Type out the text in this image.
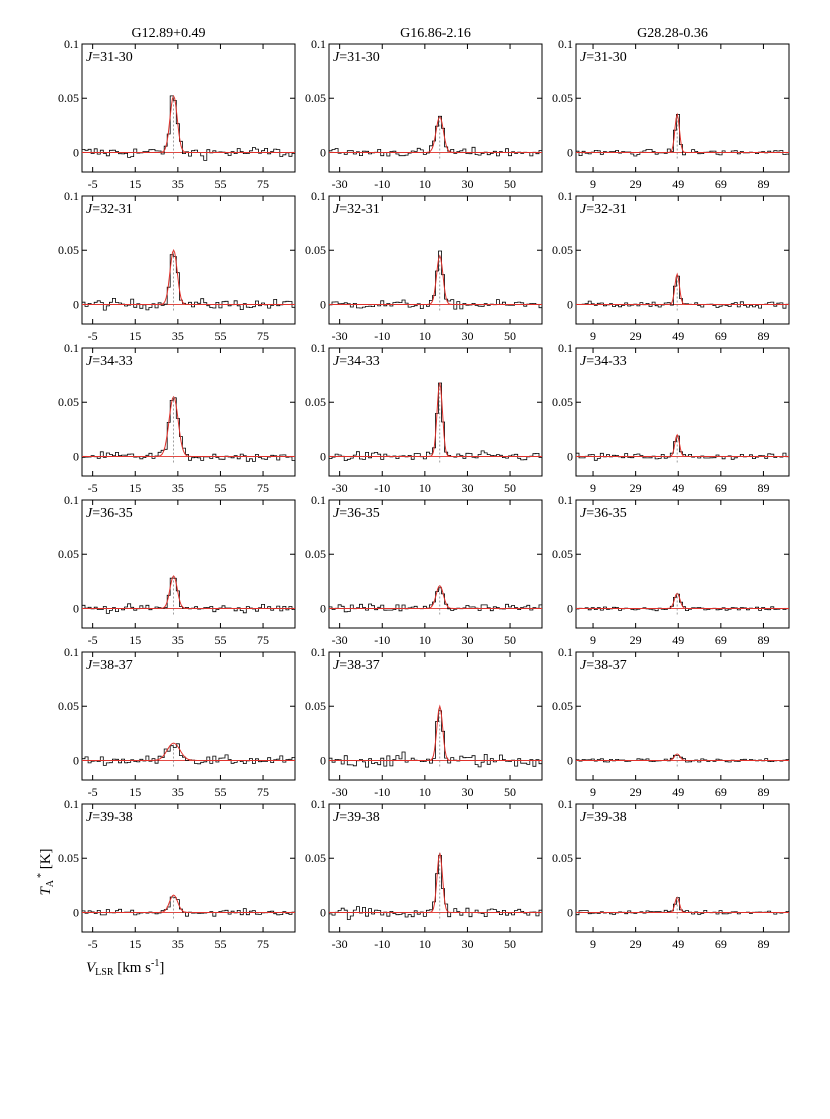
G12.89+0.49
0
0.05
0.1
-5	15	35	55	75
J=31-30
0
0.05
0.1
-5	15	35	55	75
J=32-31
0
0.05
0.1
-5	15	35	55	75
J=34-33
0
0.05
0.1
-5	15	35	55	75
J=36-35
0
0.05
0.1
-5	15	35	55	75
J=38-37
0
0.05
0.1
-5	15	35	55	75
J=39-38
G16.86-2.16
0
0.05
0.1
-30 -10 10	30	50
J=31-30
0
0.05
0.1
-30 -10 10	30	50
J=32-31
0
0.05
0.1
-30 -10 10	30	50
J=34-33
0
0.05
0.1
-30 -10 10	30	50
J=36-35
0
0.05
0.1
-30 -10 10	30	50
J=38-37
0
0.05
0.1
-30 -10 10	30	50
J=39-38
G28.28-0.36
0
0.05
0.1
9	29	49	69	89
J=31-30
0
0.05
0.1
9	29	49	69	89
J=32-31
0
0.05
0.1
9	29	49	69	89
J=34-33
0
0.05
0.1
9	29	49	69	89
J=36-35
0
0.05
0.1
9	29	49	69	89
J=38-37
0
0.05
0.1
9	29	49	69	89
J=39-38
$T_A$ * [K]
$V_{LSR}$ [km $s^{-1}$]
